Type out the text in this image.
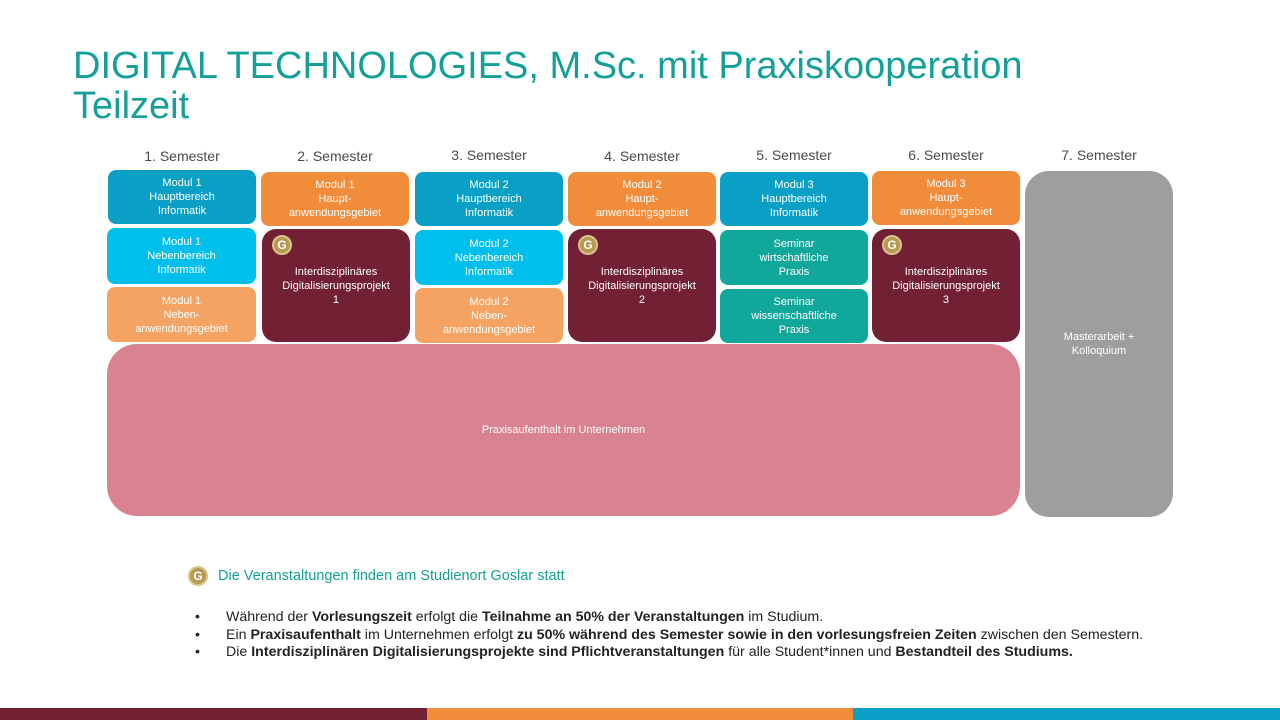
DIGITAL TECHNOLOGIES, M.Sc. mit Praxiskooperation
Teilzeit
1. Semester	2. Semester	3. Semester	4. Semester	5. Semester	6. Semester	7. Semester
Modul 1
Hauptbereich
Informatik
Modul 1
Nebenbereich
Informatik
Modul 1
Neben-
anwendungsgebiet
Modul 1
Haupt-
anwendungsgebiet
G
Interdisziplinäres
Digitalisierungsprojekt
1
Modul 2
Hauptbereich
Informatik
Modul 2
Nebenbereich
Informatik
Modul 2
Neben-
anwendungsgebiet
Modul 2
Haupt-
anwendungsgebiet
G
Interdisziplinäres
Digitalisierungsprojekt
2
Modul 3
Hauptbereich
Informatik
Seminar
wirtschaftliche
Praxis
Seminar
wissenschaftliche
Praxis
Modul 3
Haupt-
anwendungsgebiet
G
Interdisziplinäres
Digitalisierungsprojekt
3
Praxisaufenthalt im Unternehmen
Masterarbeit +
Kolloquium
G	Die Veranstaltungen finden am Studienort Goslar statt
•	Während der Vorlesungszeit erfolgt die Teilnahme an 50% der Veranstaltungen im Studium.
•	Ein Praxisaufenthalt im Unternehmen erfolgt zu 50% während des Semester sowie in den vorlesungsfreien Zeiten zwischen den Semestern.
•	Die Interdisziplinären Digitalisierungsprojekte sind Pflichtveranstaltungen für alle Student*innen und Bestandteil des Studiums.
